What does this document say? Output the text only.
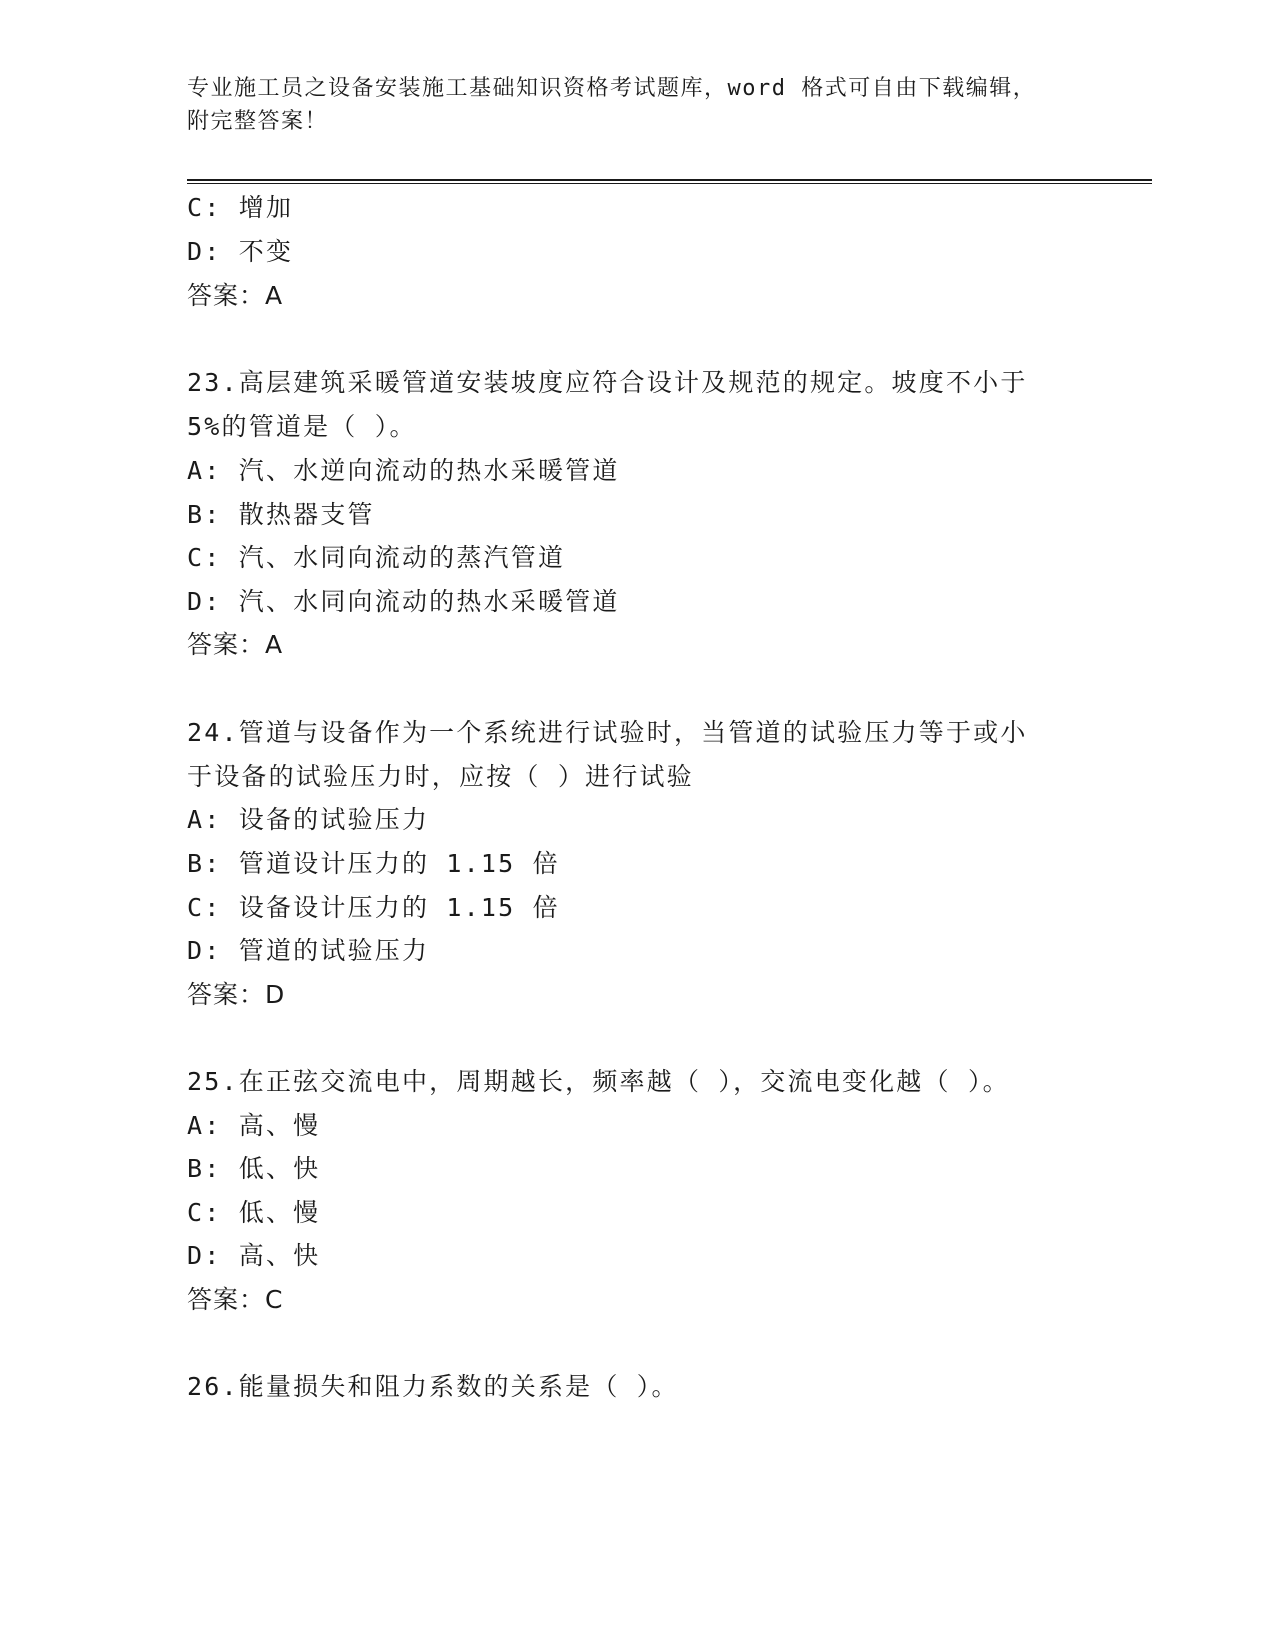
专业施工员之设备安装施工基础知识资格考试题库，word 格式可自由下载编辑，
附完整答案！
C: 增加
D: 不变
答案：A
23.高层建筑采暖管道安装坡度应符合设计及规范的规定。坡度不小于
5%的管道是（ ）。
A: 汽、水逆向流动的热水采暖管道
B: 散热器支管
C: 汽、水同向流动的蒸汽管道
D: 汽、水同向流动的热水采暖管道
答案：A
24.管道与设备作为一个系统进行试验时，当管道的试验压力等于或小
于设备的试验压力时，应按（ ）进行试验
A: 设备的试验压力
B: 管道设计压力的 1.15 倍
C: 设备设计压力的 1.15 倍
D: 管道的试验压力
答案：D
25.在正弦交流电中，周期越长，频率越（ ），交流电变化越（ ）。
A: 高、慢
B: 低、快
C: 低、慢
D: 高、快
答案：C
26.能量损失和阻力系数的关系是（ ）。
